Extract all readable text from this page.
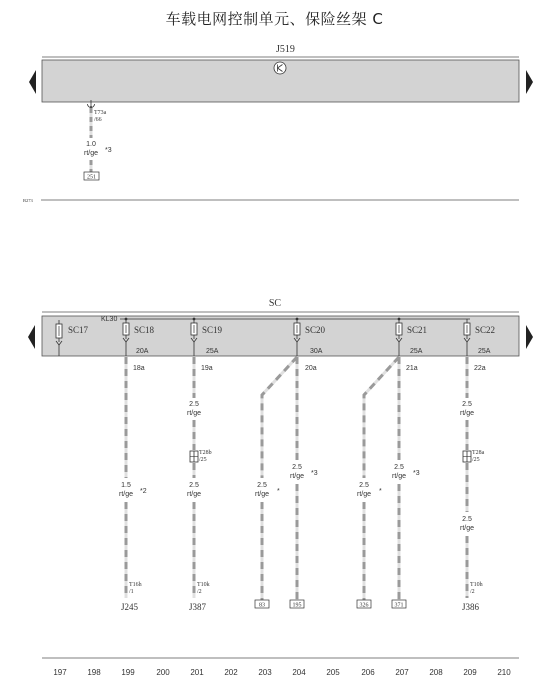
车载电网控制单元、保险丝架 C
J519
T73a
/66
1.0
rt/ge *3
251
B273
SC
KL30
SC17	SC18	SC19	SC20	SC21	SC22
20A	25A	30A	25A	25A
18a	19a	20a	21a	22a
T28b
/25
T28a
/25
1.5
rt/ge *2
T16h
/1
J245
2.5
rt/ge
2.5
rt/ge
T10k
/2
J387
2.5
rt/ge *
83
2.5
rt/ge *3
195
2.5
rt/ge *
326
2.5
rt/ge *3
371
2.5
rt/ge
2.5
rt/ge
T10h
/2
J386
197	198	199	200	201	202	203	204	205	206	207	208	209	210
